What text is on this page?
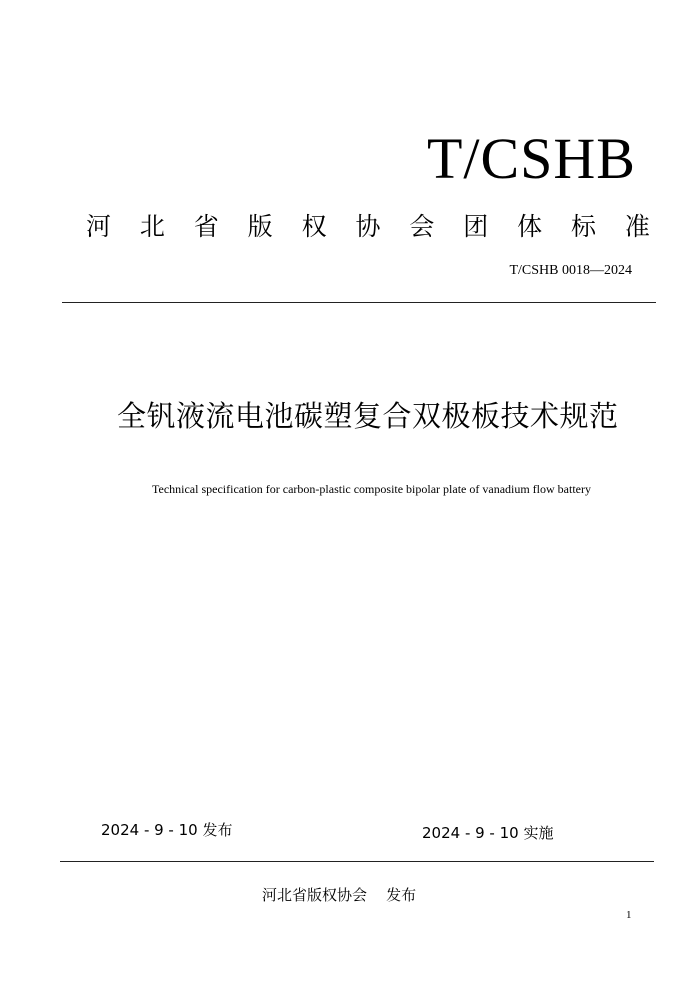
T/CSHB
河 北 省 版 权 协 会 团 体 标 准
T/CSHB 0018—2024
全钒液流电池碳塑复合双极板技术规范
Technical specification for carbon-plastic composite bipolar plate of vanadium flow battery
2024 - 9 - 10 发布	2024 - 9 - 10 实施
河北省版权协会    发布
1
